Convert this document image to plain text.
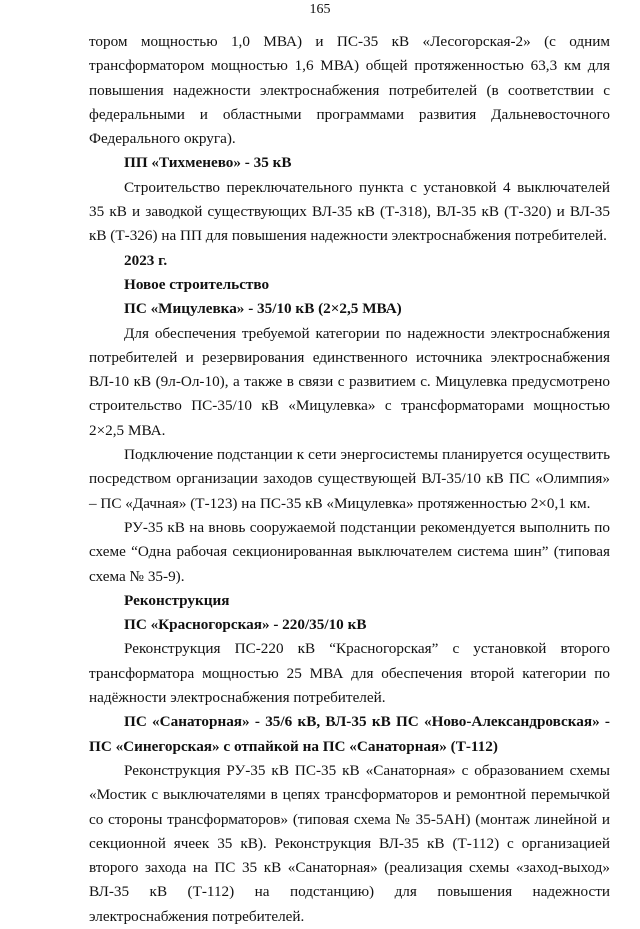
165

тором мощностью 1,0 МВА) и ПС-35 кВ «Лесогорская-2» (с одним трансформатором мощностью 1,6 МВА) общей протяженностью 63,3 км для повышения надежности электроснабжения потребителей (в соответствии с федеральными и областными программами развития Дальневосточного Федерального округа).

ПП «Тихменево» - 35 кВ

Строительство переключательного пункта с установкой 4 выключателей 35 кВ и заводкой существующих ВЛ-35 кВ (Т-318), ВЛ-35 кВ (Т-320) и ВЛ-35 кВ (Т-326) на ПП для повышения надежности электроснабжения потребителей.

2023 г.

Новое строительство

ПС «Мицулевка» - 35/10 кВ (2×2,5 МВА)

Для обеспечения требуемой категории по надежности электроснабжения потребителей и резервирования единственного источника электроснабжения ВЛ-10 кВ (9л-Ол-10), а также в связи с развитием с. Мицулевка предусмотрено строительство ПС-35/10 кВ «Мицулевка» с трансформаторами мощностью 2×2,5 МВА.

Подключение подстанции к сети энергосистемы планируется осуществить посредством организации заходов существующей ВЛ-35/10 кВ ПС «Олимпия» – ПС «Дачная» (Т-123) на ПС-35 кВ «Мицулевка» протяженностью 2×0,1 км.

РУ-35 кВ на вновь сооружаемой подстанции рекомендуется выполнить по схеме “Одна рабочая секционированная выключателем система шин” (типовая схема № 35-9).

Реконструкция

ПС «Красногорская» - 220/35/10 кВ

Реконструкция ПС-220 кВ “Красногорская” с установкой второго трансформатора мощностью 25 МВА для обеспечения второй категории по надёжности электроснабжения потребителей.

ПС «Санаторная» - 35/6 кВ, ВЛ-35 кВ ПС «Ново-Александровская» - ПС «Синегорская» с отпайкой на ПС «Санаторная» (Т-112)

Реконструкция РУ-35 кВ ПС-35 кВ «Санаторная» с образованием схемы «Мостик с выключателями в цепях трансформаторов и ремонтной перемычкой со стороны трансформаторов» (типовая схема № 35-5АН) (монтаж линейной и секционной ячеек 35 кВ). Реконструкция ВЛ-35 кВ (Т-112) с организацией второго захода на ПС 35 кВ «Санаторная» (реализация схемы «заход-выход» ВЛ-35 кВ (Т-112) на подстанцию) для повышения надежности электроснабжения потребителей.
